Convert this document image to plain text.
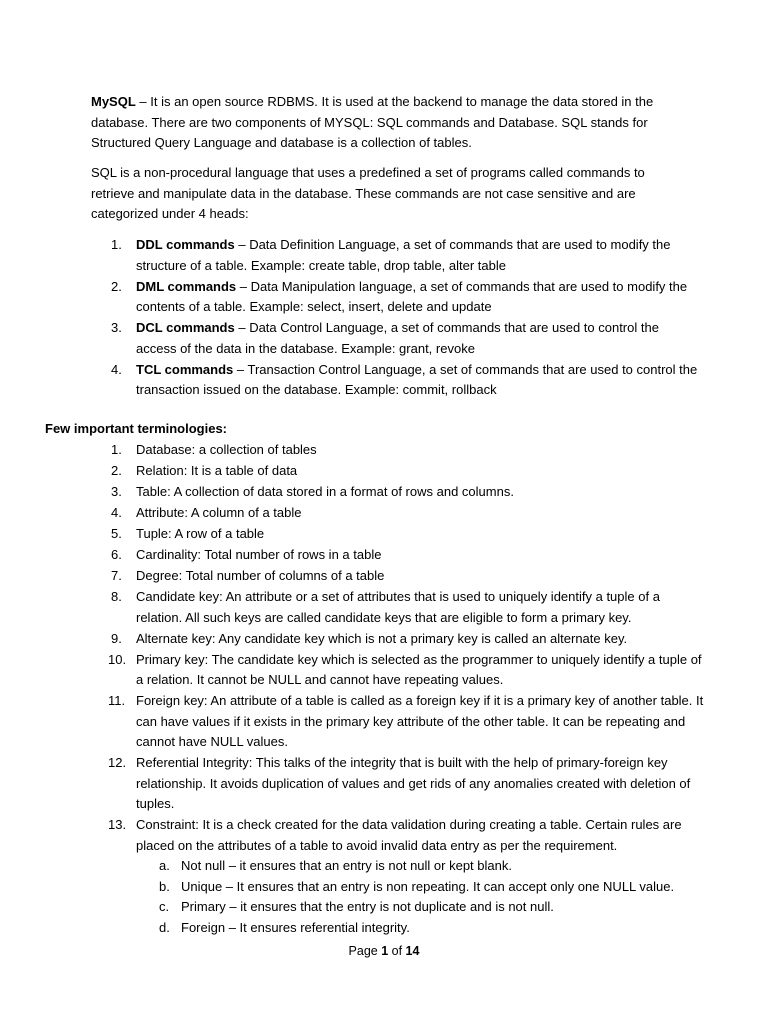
MySQL – It is an open source RDBMS. It is used at the backend to manage the data stored in the database. There are two components of MYSQL: SQL commands and Database. SQL stands for Structured Query Language and database is a collection of tables.

SQL is a non-procedural language that uses a predefined a set of programs called commands to retrieve and manipulate data in the database. These commands are not case sensitive and are categorized under 4 heads:

1. DDL commands – Data Definition Language, a set of commands that are used to modify the structure of a table. Example: create table, drop table, alter table
2. DML commands – Data Manipulation language, a set of commands that are used to modify the contents of a table. Example: select, insert, delete and update
3. DCL commands – Data Control Language, a set of commands that are used to control the access of the data in the database. Example: grant, revoke
4. TCL commands – Transaction Control Language, a set of commands that are used to control the transaction issued on the database. Example: commit, rollback

Few important terminologies:

1. Database: a collection of tables
2. Relation: It is a table of data
3. Table: A collection of data stored in a format of rows and columns.
4. Attribute: A column of a table
5. Tuple: A row of a table
6. Cardinality: Total number of rows in a table
7. Degree: Total number of columns of a table
8. Candidate key: An attribute or a set of attributes that is used to uniquely identify a tuple of a relation. All such keys are called candidate keys that are eligible to form a primary key.
9. Alternate key: Any candidate key which is not a primary key is called an alternate key.
10. Primary key: The candidate key which is selected as the programmer to uniquely identify a tuple of a relation. It cannot be NULL and cannot have repeating values.
11. Foreign key: An attribute of a table is called as a foreign key if it is a primary key of another table. It can have values if it exists in the primary key attribute of the other table. It can be repeating and cannot have NULL values.
12. Referential Integrity: This talks of the integrity that is built with the help of primary-foreign key relationship. It avoids duplication of values and get rids of any anomalies created with deletion of tuples.
13. Constraint: It is a check created for the data validation during creating a table. Certain rules are placed on the attributes of a table to avoid invalid data entry as per the requirement.
a. Not null – it ensures that an entry is not null or kept blank.
b. Unique – It ensures that an entry is non repeating. It can accept only one NULL value.
c. Primary – it ensures that the entry is not duplicate and is not null.
d. Foreign – It ensures referential integrity.
Page 1 of 14
